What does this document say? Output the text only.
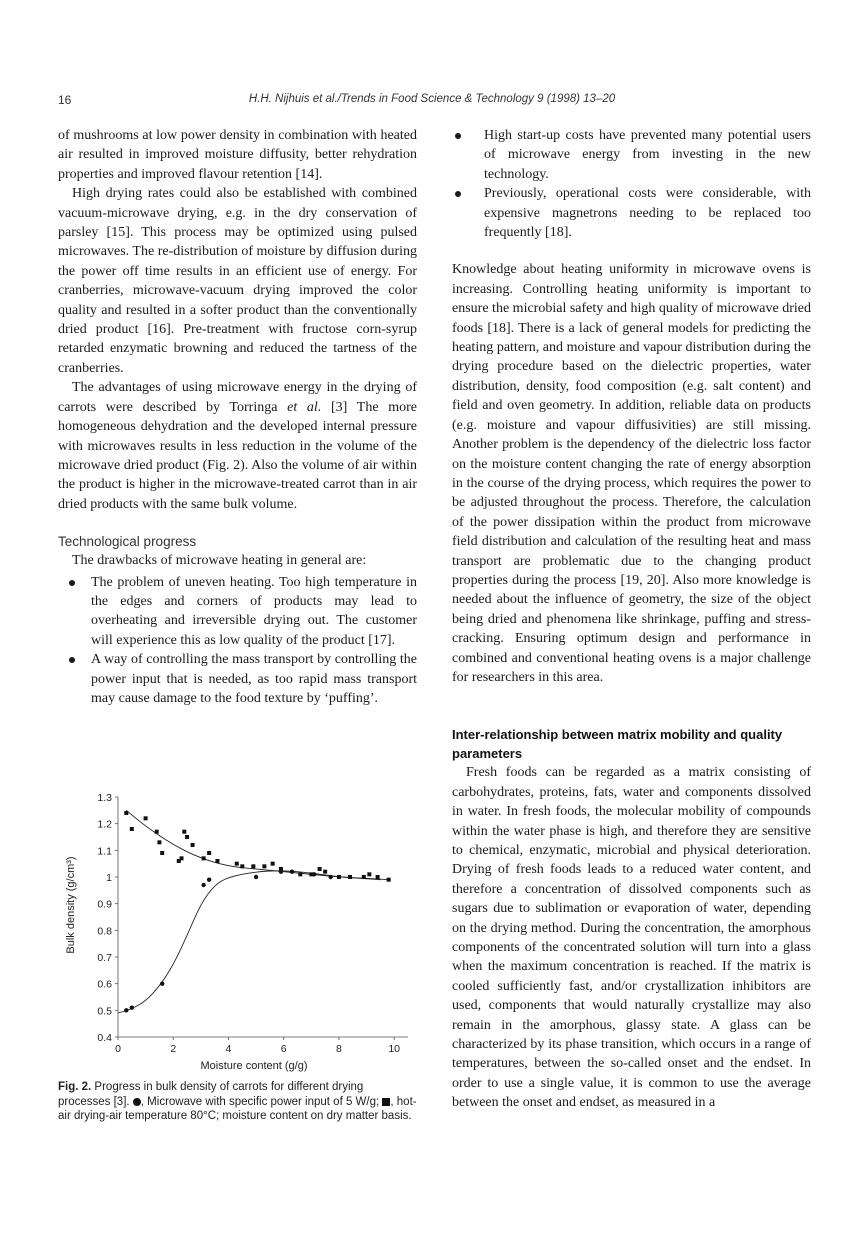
16	H.H. Nijhuis et al./Trends in Food Science & Technology 9 (1998) 13–20

of mushrooms at low power density in combination with heated air resulted in improved moisture diffusity, better rehydration properties and improved flavour retention [14].

High drying rates could also be established with combined vacuum-microwave drying, e.g. in the dry conservation of parsley [15]. This process may be optimized using pulsed microwaves. The re-distribution of moisture by diffusion during the power off time results in an efficient use of energy. For cranberries, microwave-vacuum drying improved the color quality and resulted in a softer product than the conventionally dried product [16]. Pre-treatment with fructose corn-syrup retarded enzymatic browning and reduced the tartness of the cranberries.

The advantages of using microwave energy in the drying of carrots were described by Torringa et al. [3] The more homogeneous dehydration and the developed internal pressure with microwaves results in less reduction in the volume of the microwave dried product (Fig. 2). Also the volume of air within the product is higher in the microwave-treated carrot than in air dried products with the same bulk volume.

Technological progress

The drawbacks of microwave heating in general are:

The problem of uneven heating. Too high temperature in the edges and corners of products may lead to overheating and irreversible drying out. The customer will experience this as low quality of the product [17].
A way of controlling the mass transport by controlling the power input that is needed, as too rapid mass transport may cause damage to the food texture by ‘puffing’.
0.4
0.5
0.6
0.7
0.8
0.9
1
1.1
1.2
1.3
0	2	4	6	8	10
Moisture content (g/g)
Bulk density (g/cm³)
Fig. 2. Progress in bulk density of carrots for different drying processes [3]. , Microwave with specific power input of 5 W/g; , hot-air drying-air temperature 80°C; moisture content on dry matter basis.
High start-up costs have prevented many potential users of microwave energy from investing in the new technology.
Previously, operational costs were considerable, with expensive magnetrons needing to be replaced too frequently [18].

Knowledge about heating uniformity in microwave ovens is increasing. Controlling heating uniformity is important to ensure the microbial safety and high quality of microwave dried foods [18]. There is a lack of general models for predicting the heating pattern, and moisture and vapour distribution during the drying procedure based on the dielectric properties, water distribution, density, food composition (e.g. salt content) and field and oven geometry. In addition, reliable data on products (e.g. moisture and vapour diffusivities) are still missing. Another problem is the dependency of the dielectric loss factor on the moisture content changing the rate of energy absorption in the course of the drying process, which requires the power to be adjusted throughout the process. Therefore, the calculation of the power dissipation within the product from microwave field distribution and calculation of the resulting heat and mass transport are problematic due to the changing product properties during the process [19, 20]. Also more knowledge is needed about the influence of geometry, the size of the object being dried and phenomena like shrinkage, puffing and stress-cracking. Ensuring optimum design and performance in combined and conventional heating ovens is a major challenge for researchers in this area.

Inter-relationship between matrix mobility and quality parameters

Fresh foods can be regarded as a matrix consisting of carbohydrates, proteins, fats, water and components dissolved in water. In fresh foods, the molecular mobility of compounds within the water phase is high, and therefore they are sensitive to chemical, enzymatic, microbial and physical deterioration. Drying of fresh foods leads to a reduced water content, and therefore a concentration of dissolved components such as sugars due to sublimation or evaporation of water, depending on the drying method. During the concentration, the amorphous components of the concentrated solution will turn into a glass when the maximum concentration is reached. If the matrix is cooled sufficiently fast, and/or crystallization inhibitors are used, components that would naturally crystallize may also remain in the amorphous, glassy state. A glass can be characterized by its phase transition, which occurs in a range of temperatures, between the so-called onset and the endset. In order to use a single value, it is common to use the average between the onset and endset, as measured in a
